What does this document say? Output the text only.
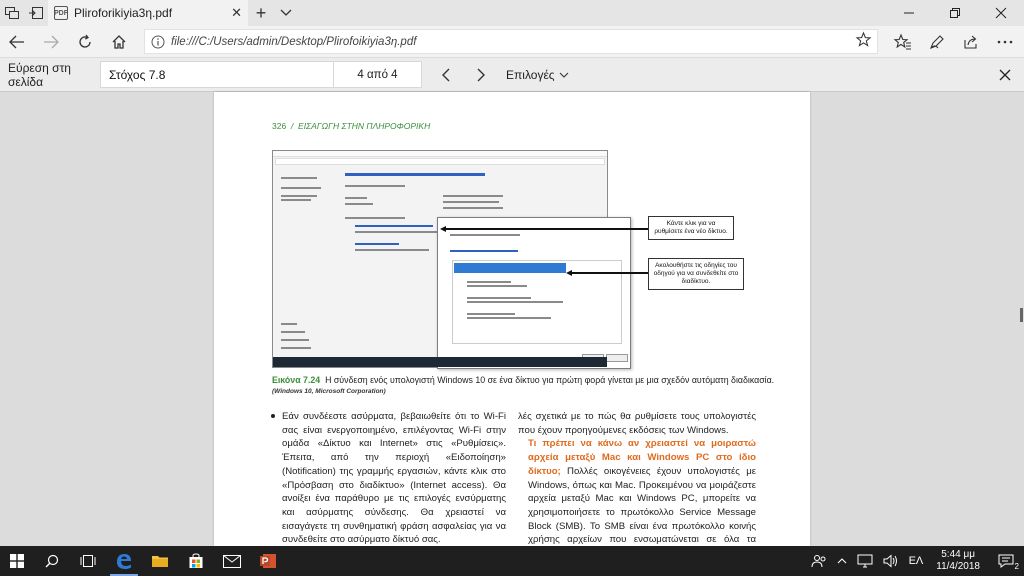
PDF Pliroforikiyia3η.pdf	✕ +
file:///C:/Users/admin/Desktop/Plirofoikiyia3η.pdf
Εύρεση στη σελίδα	Στόχος 7.8	4 από 4	Επιλογές
326 / ΕΙΣΑΓΩΓΗ ΣΤΗΝ ΠΛΗΡΟΦΟΡΙΚΗ
Κάντε κλικ για να ρυθμίσετε ένα νέο δίκτυο.
Ακολουθήστε τις οδηγίες του οδηγού για να συνδεθείτε στο διαδίκτυο.
Εικόνα 7.24 Η σύνδεση ενός υπολογιστή Windows 10 σε ένα δίκτυο για πρώτη φορά γίνεται με μια σχεδόν αυτόματη διαδικασία.
(Windows 10, Microsoft Corporation)
Εάν συνδέεστε ασύρματα, βεβαιωθείτε ότι το Wi-Fi σας είναι ενεργοποιημένο, επιλέγοντας Wi-Fi στην ομάδα «Δίκτυο και Internet» στις «Ρυθμίσεις». Έπειτα, από την περιοχή «Ειδοποίηση» (Notification) της γραμμής εργασιών, κάντε κλικ στο «Πρόσβαση στο διαδίκτυο» (Internet access). Θα ανοίξει ένα παράθυρο με τις επιλογές ενσύρματης και ασύρματης σύνδεσης. Θα χρειαστεί να εισαγάγετε τη συνθηματική φράση ασφαλείας για να συνδεθείτε στο ασύρματο δίκτυό σας.
λές σχετικά με το πώς θα ρυθμίσετε τους υπολογιστές που έχουν προηγούμενες εκδόσεις των Windows.
Τι πρέπει να κάνω αν χρειαστεί να μοιραστώ αρχεία μεταξύ Mac και Windows PC στο ίδιο δίκτυο; Πολλές οικογένειες έχουν υπολογιστές με Windows, όπως και Mac. Προκειμένου να μοιράζεστε αρχεία μεταξύ Mac και Windows PC, μπορείτε να χρησιμοποιήσετε το πρωτόκολλο Service Message Block (SMB). Το SMB είναι ένα πρωτόκολλο κοινής χρήσης αρχείων που ενσωματώνεται σε όλα τα
ΕΛ
5:44 μμ
11/4/2018	2
